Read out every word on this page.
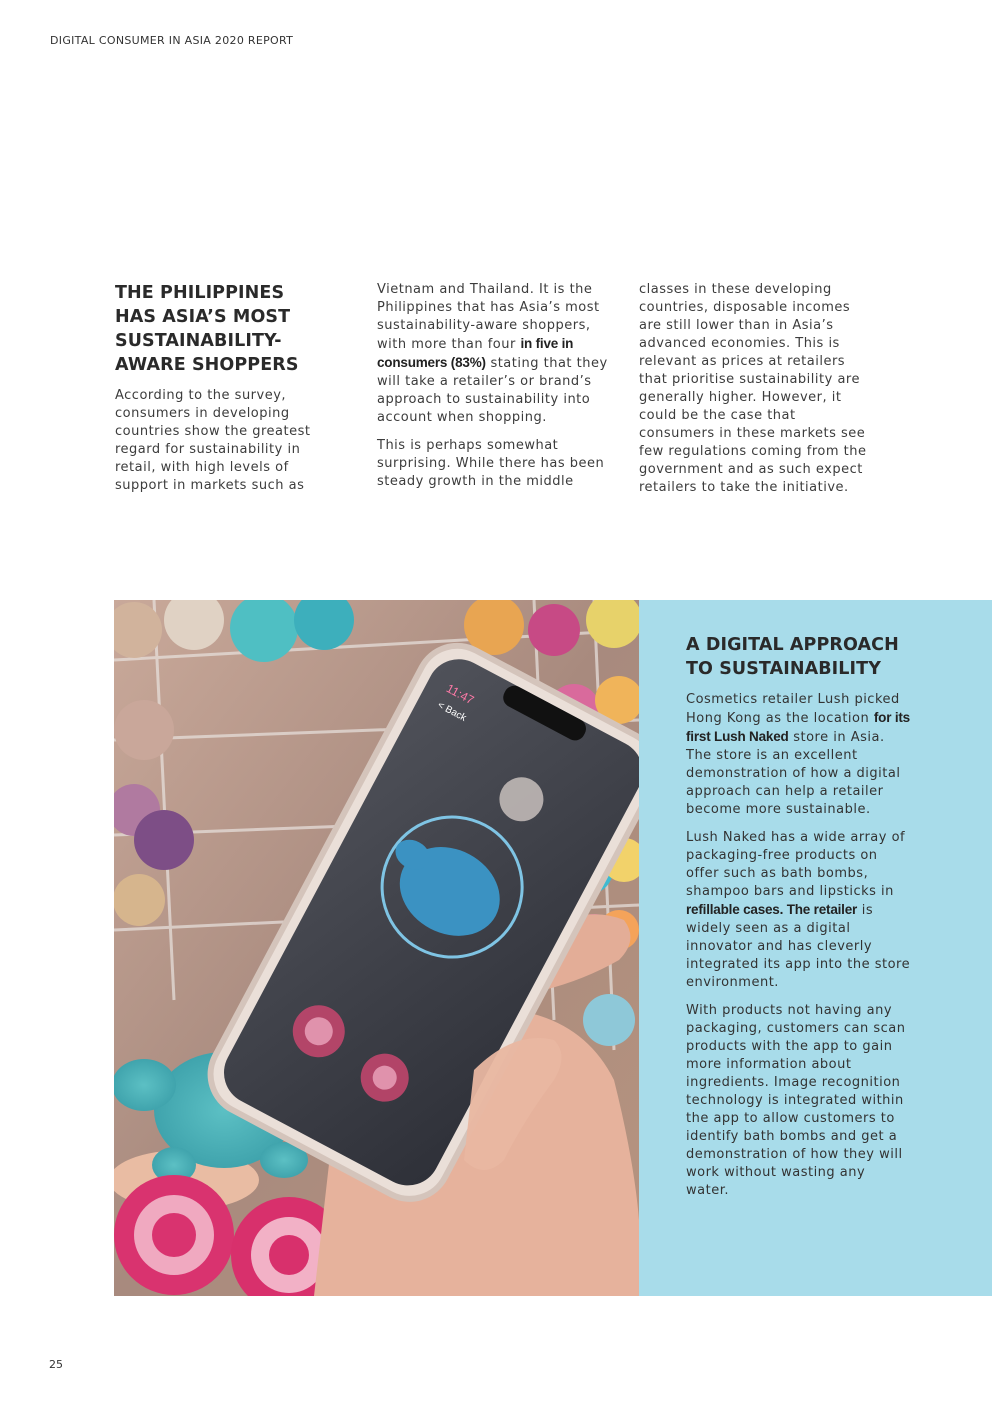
DIGITAL CONSUMER IN ASIA 2020 REPORT
THE PHILIPPINES HAS ASIA’S MOST SUSTAINABILITY-AWARE SHOPPERS

According to the survey, consumers in developing countries show the greatest regard for sustainability in retail, with high levels of support in markets such as

Vietnam and Thailand. It is the Philippines that has Asia’s most sustainability-aware shoppers, with more than four in five in consumers (83%) stating that they will take a retailer’s or brand’s approach to sustainability into account when shopping.

This is perhaps somewhat surprising. While there has been steady growth in the middle

classes in these developing countries, disposable incomes are still lower than in Asia’s advanced economies. This is relevant as prices at retailers that prioritise sustainability are generally higher. However, it could be the case that consumers in these markets see few regulations coming from the government and as such expect retailers to take the initiative.

11:47
< Back
A DIGITAL APPROACH TO SUSTAINABILITY

Cosmetics retailer Lush picked Hong Kong as the location for its first Lush Naked store in Asia. The store is an excellent demonstration of how a digital approach can help a retailer become more sustainable.

Lush Naked has a wide array of packaging-free products on offer such as bath bombs, shampoo bars and lipsticks in refillable cases. The retailer is widely seen as a digital innovator and has cleverly integrated its app into the store environment.

With products not having any packaging, customers can scan products with the app to gain more information about ingredients. Image recognition technology is integrated within the app to allow customers to identify bath bombs and get a demonstration of how they will work without wasting any water.

25
